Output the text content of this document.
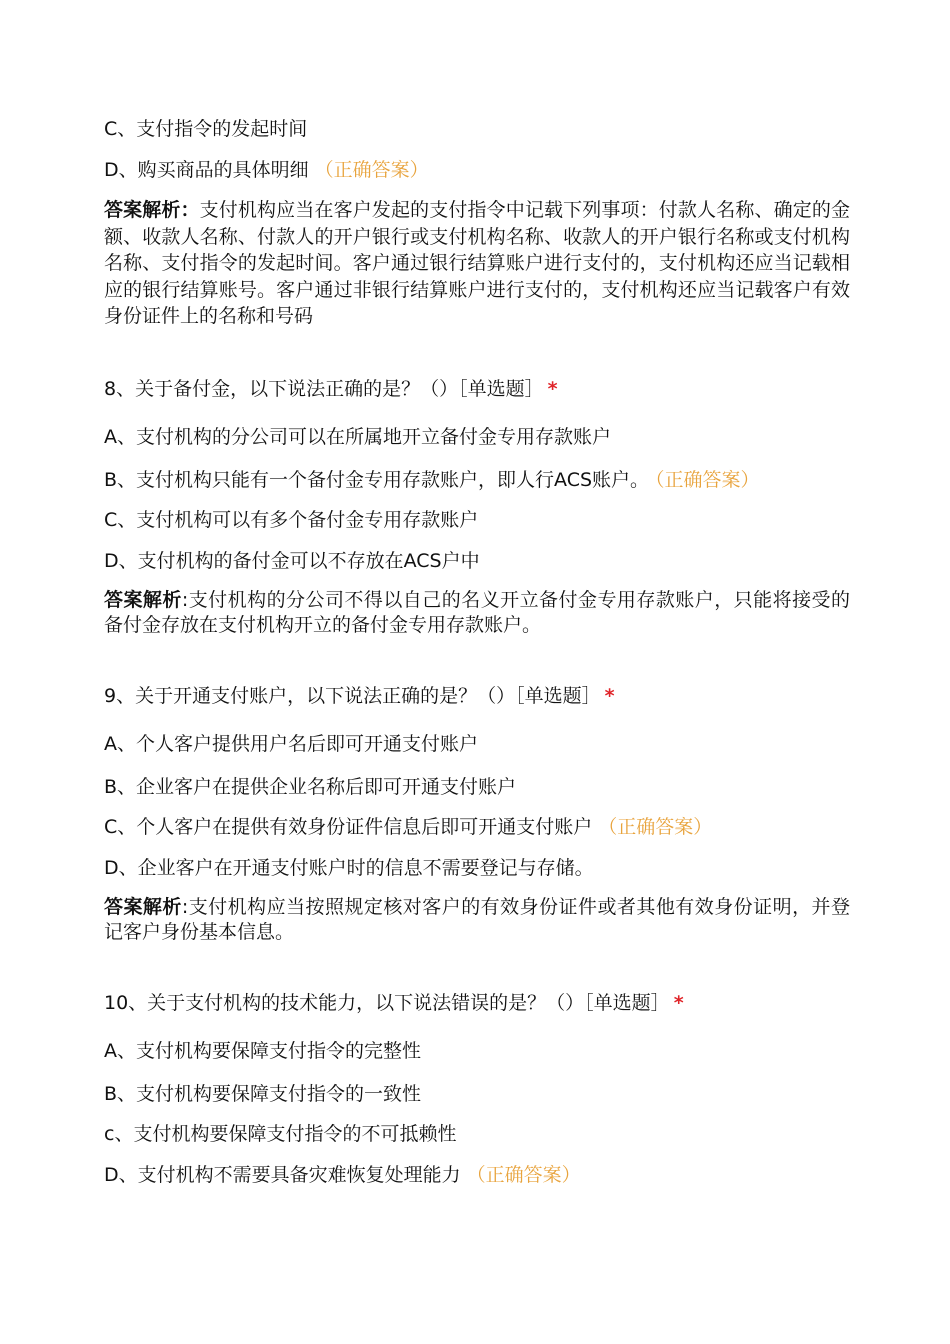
C、支付指令的发起时间
D、购买商品的具体明细 （正确答案）
答案解析：支付机构应当在客户发起的支付指令中记载下列事项：付款人名称、确定的金额、收款人名称、付款人的开户银行或支付机构名称、收款人的开户银行名称或支付机构名称、支付指令的发起时间。客户通过银行结算账户进行支付的，支付机构还应当记载相应的银行结算账号。客户通过非银行结算账户进行支付的，支付机构还应当记载客户有效身份证件上的名称和号码
8、关于备付金，以下说法正确的是？（）［单选题］ *
A、支付机构的分公司可以在所属地开立备付金专用存款账户
B、支付机构只能有一个备付金专用存款账户，即人行ACS账户。 （正确答案）
C、支付机构可以有多个备付金专用存款账户
D、支付机构的备付金可以不存放在ACS户中
答案解析:支付机构的分公司不得以自己的名义开立备付金专用存款账户，只能将接受的备付金存放在支付机构开立的备付金专用存款账户。
9、关于开通支付账户，以下说法正确的是？（）［单选题］ *
A、个人客户提供用户名后即可开通支付账户
B、企业客户在提供企业名称后即可开通支付账户
C、个人客户在提供有效身份证件信息后即可开通支付账户 （正确答案）
D、企业客户在开通支付账户时的信息不需要登记与存储。
答案解析:支付机构应当按照规定核对客户的有效身份证件或者其他有效身份证明，并登记客户身份基本信息。
10、关于支付机构的技术能力，以下说法错误的是？（）［单选题］ *
A、支付机构要保障支付指令的完整性
B、支付机构要保障支付指令的一致性
c、支付机构要保障支付指令的不可抵赖性
D、支付机构不需要具备灾难恢复处理能力 （正确答案）
